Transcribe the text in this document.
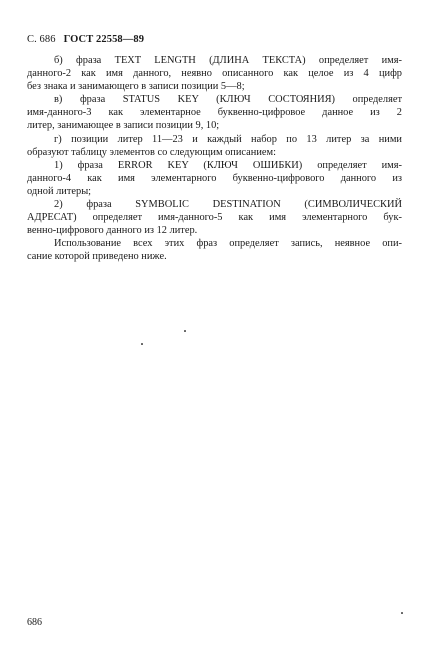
С. 686 ГОСТ 22558—89
б) фраза TEXT LENGTH (ДЛИНА ТЕКСТА) определяет имя-
данного-2 как имя данного, неявно описанного как целое из 4 цифр
без знака и занимающего в записи позиции 5—8;
в) фраза STATUS KEY (КЛЮЧ СОСТОЯНИЯ) определяет
имя-данного-3 как элементарное буквенно-цифровое данное из 2
литер, занимающее в записи позиции 9, 10;
г) позиции литер 11—23 и каждый набор по 13 литер за ними
образуют таблицу элементов со следующим описанием:
1) фраза ERROR KEY (КЛЮЧ ОШИБКИ) определяет имя-
данного-4 как имя элементарного буквенно-цифрового данного из
одной литеры;
2) фраза SYMBOLIC DESTINATION (СИМВОЛИЧЕСКИЙ
АДРЕСАТ) определяет имя-данного-5 как имя элементарного бук-
венно-цифрового данного из 12 литер.
Использование всех этих фраз определяет запись, неявное опи-
сание которой приведено ниже.
686
